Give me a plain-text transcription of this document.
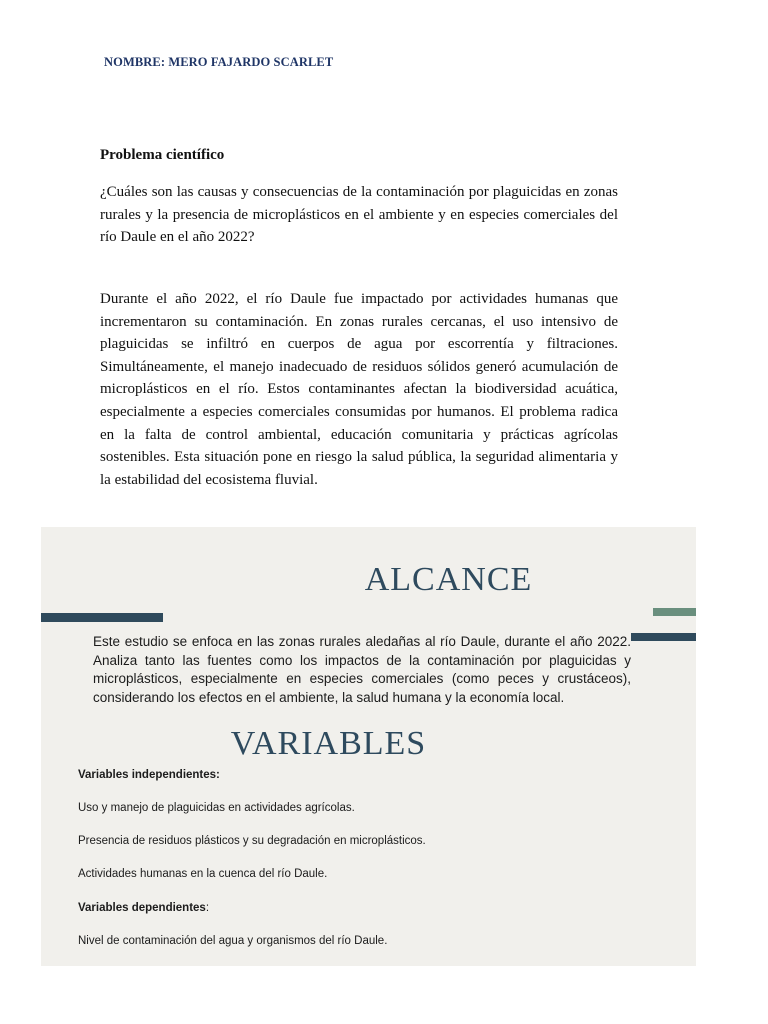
NOMBRE: MERO FAJARDO SCARLET
Problema científico

¿Cuáles son las causas y consecuencias de la contaminación por plaguicidas en zonas rurales y la presencia de microplásticos en el ambiente y en especies comerciales del río Daule en el año 2022?

Durante el año 2022, el río Daule fue impactado por actividades humanas que incrementaron su contaminación. En zonas rurales cercanas, el uso intensivo de plaguicidas se infiltró en cuerpos de agua por escorrentía y filtraciones. Simultáneamente, el manejo inadecuado de residuos sólidos generó acumulación de microplásticos en el río. Estos contaminantes afectan la biodiversidad acuática, especialmente a especies comerciales consumidas por humanos. El problema radica en la falta de control ambiental, educación comunitaria y prácticas agrícolas sostenibles. Esta situación pone en riesgo la salud pública, la seguridad alimentaria y la estabilidad del ecosistema fluvial.

ALCANCE

Este estudio se enfoca en las zonas rurales aledañas al río Daule, durante el año 2022. Analiza tanto las fuentes como los impactos de la contaminación por plaguicidas y microplásticos, especialmente en especies comerciales (como peces y crustáceos), considerando los efectos en el ambiente, la salud humana y la economía local.

VARIABLES
Variables independientes:
Uso y manejo de plaguicidas en actividades agrícolas.
Presencia de residuos plásticos y su degradación en microplásticos.
Actividades humanas en la cuenca del río Daule.
Variables dependientes:
Nivel de contaminación del agua y organismos del río Daule.
